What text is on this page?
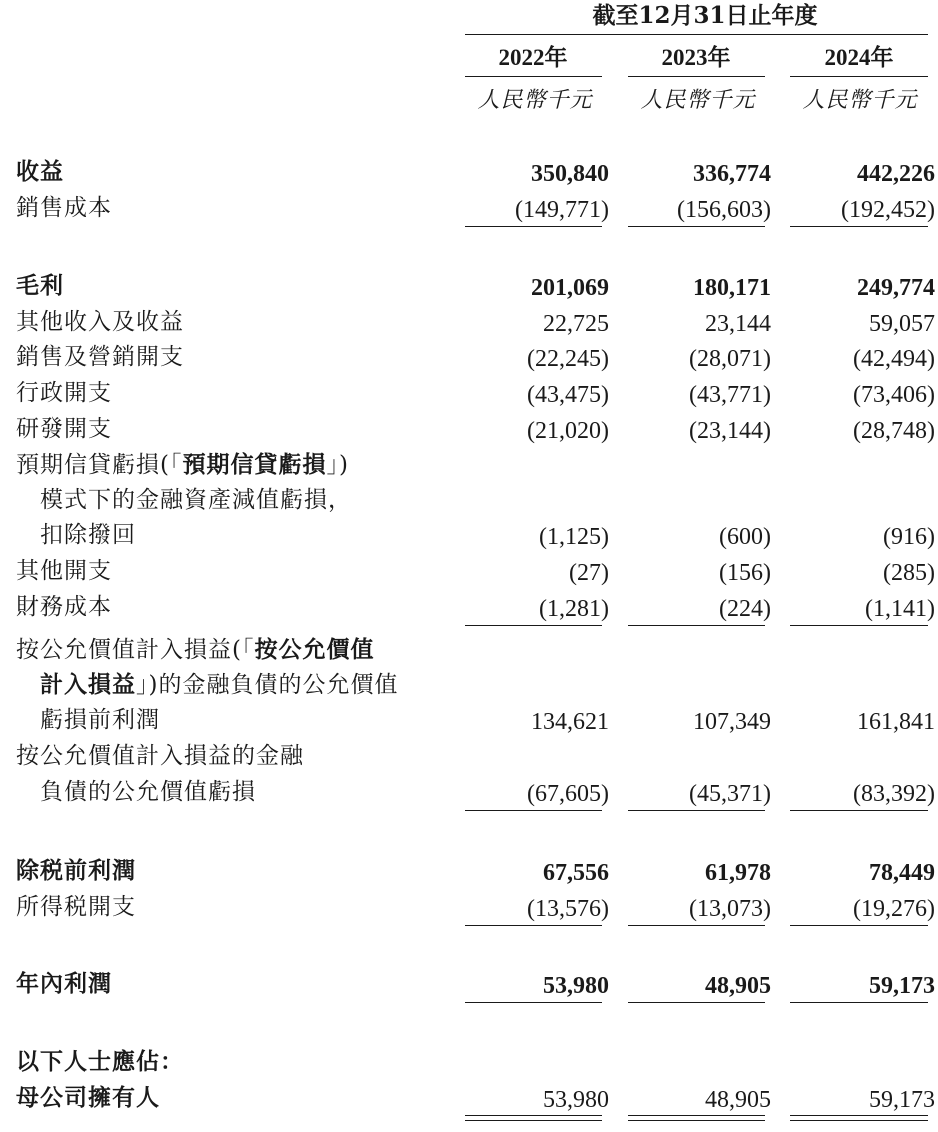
截至12月31日止年度
2022年	2023年	2024年
人民幣千元	人民幣千元	人民幣千元
收益	350,840	336,774	442,226
銷售成本	(149,771)	(156,603)	(192,452)
毛利	201,069	180,171	249,774
其他收入及收益	22,725	23,144	59,057
銷售及營銷開支	(22,245)	(28,071)	(42,494)
行政開支	(43,475)	(43,771)	(73,406)
研發開支	(21,020)	(23,144)	(28,748)
預期信貸虧損(「預期信貸虧損」)
模式下的金融資產減值虧損，
扣除撥回	(1,125)	(600)	(916)
其他開支	(27)	(156)	(285)
財務成本	(1,281)	(224)	(1,141)
按公允價值計入損益(「按公允價值
計入損益」)的金融負債的公允價值
虧損前利潤	134,621	107,349	161,841
按公允價值計入損益的金融
負債的公允價值虧損	(67,605)	(45,371)	(83,392)
除税前利潤	67,556	61,978	78,449
所得税開支	(13,576)	(13,073)	(19,276)
年內利潤	53,980	48,905	59,173
以下人士應佔：
母公司擁有人	53,980	48,905	59,173
